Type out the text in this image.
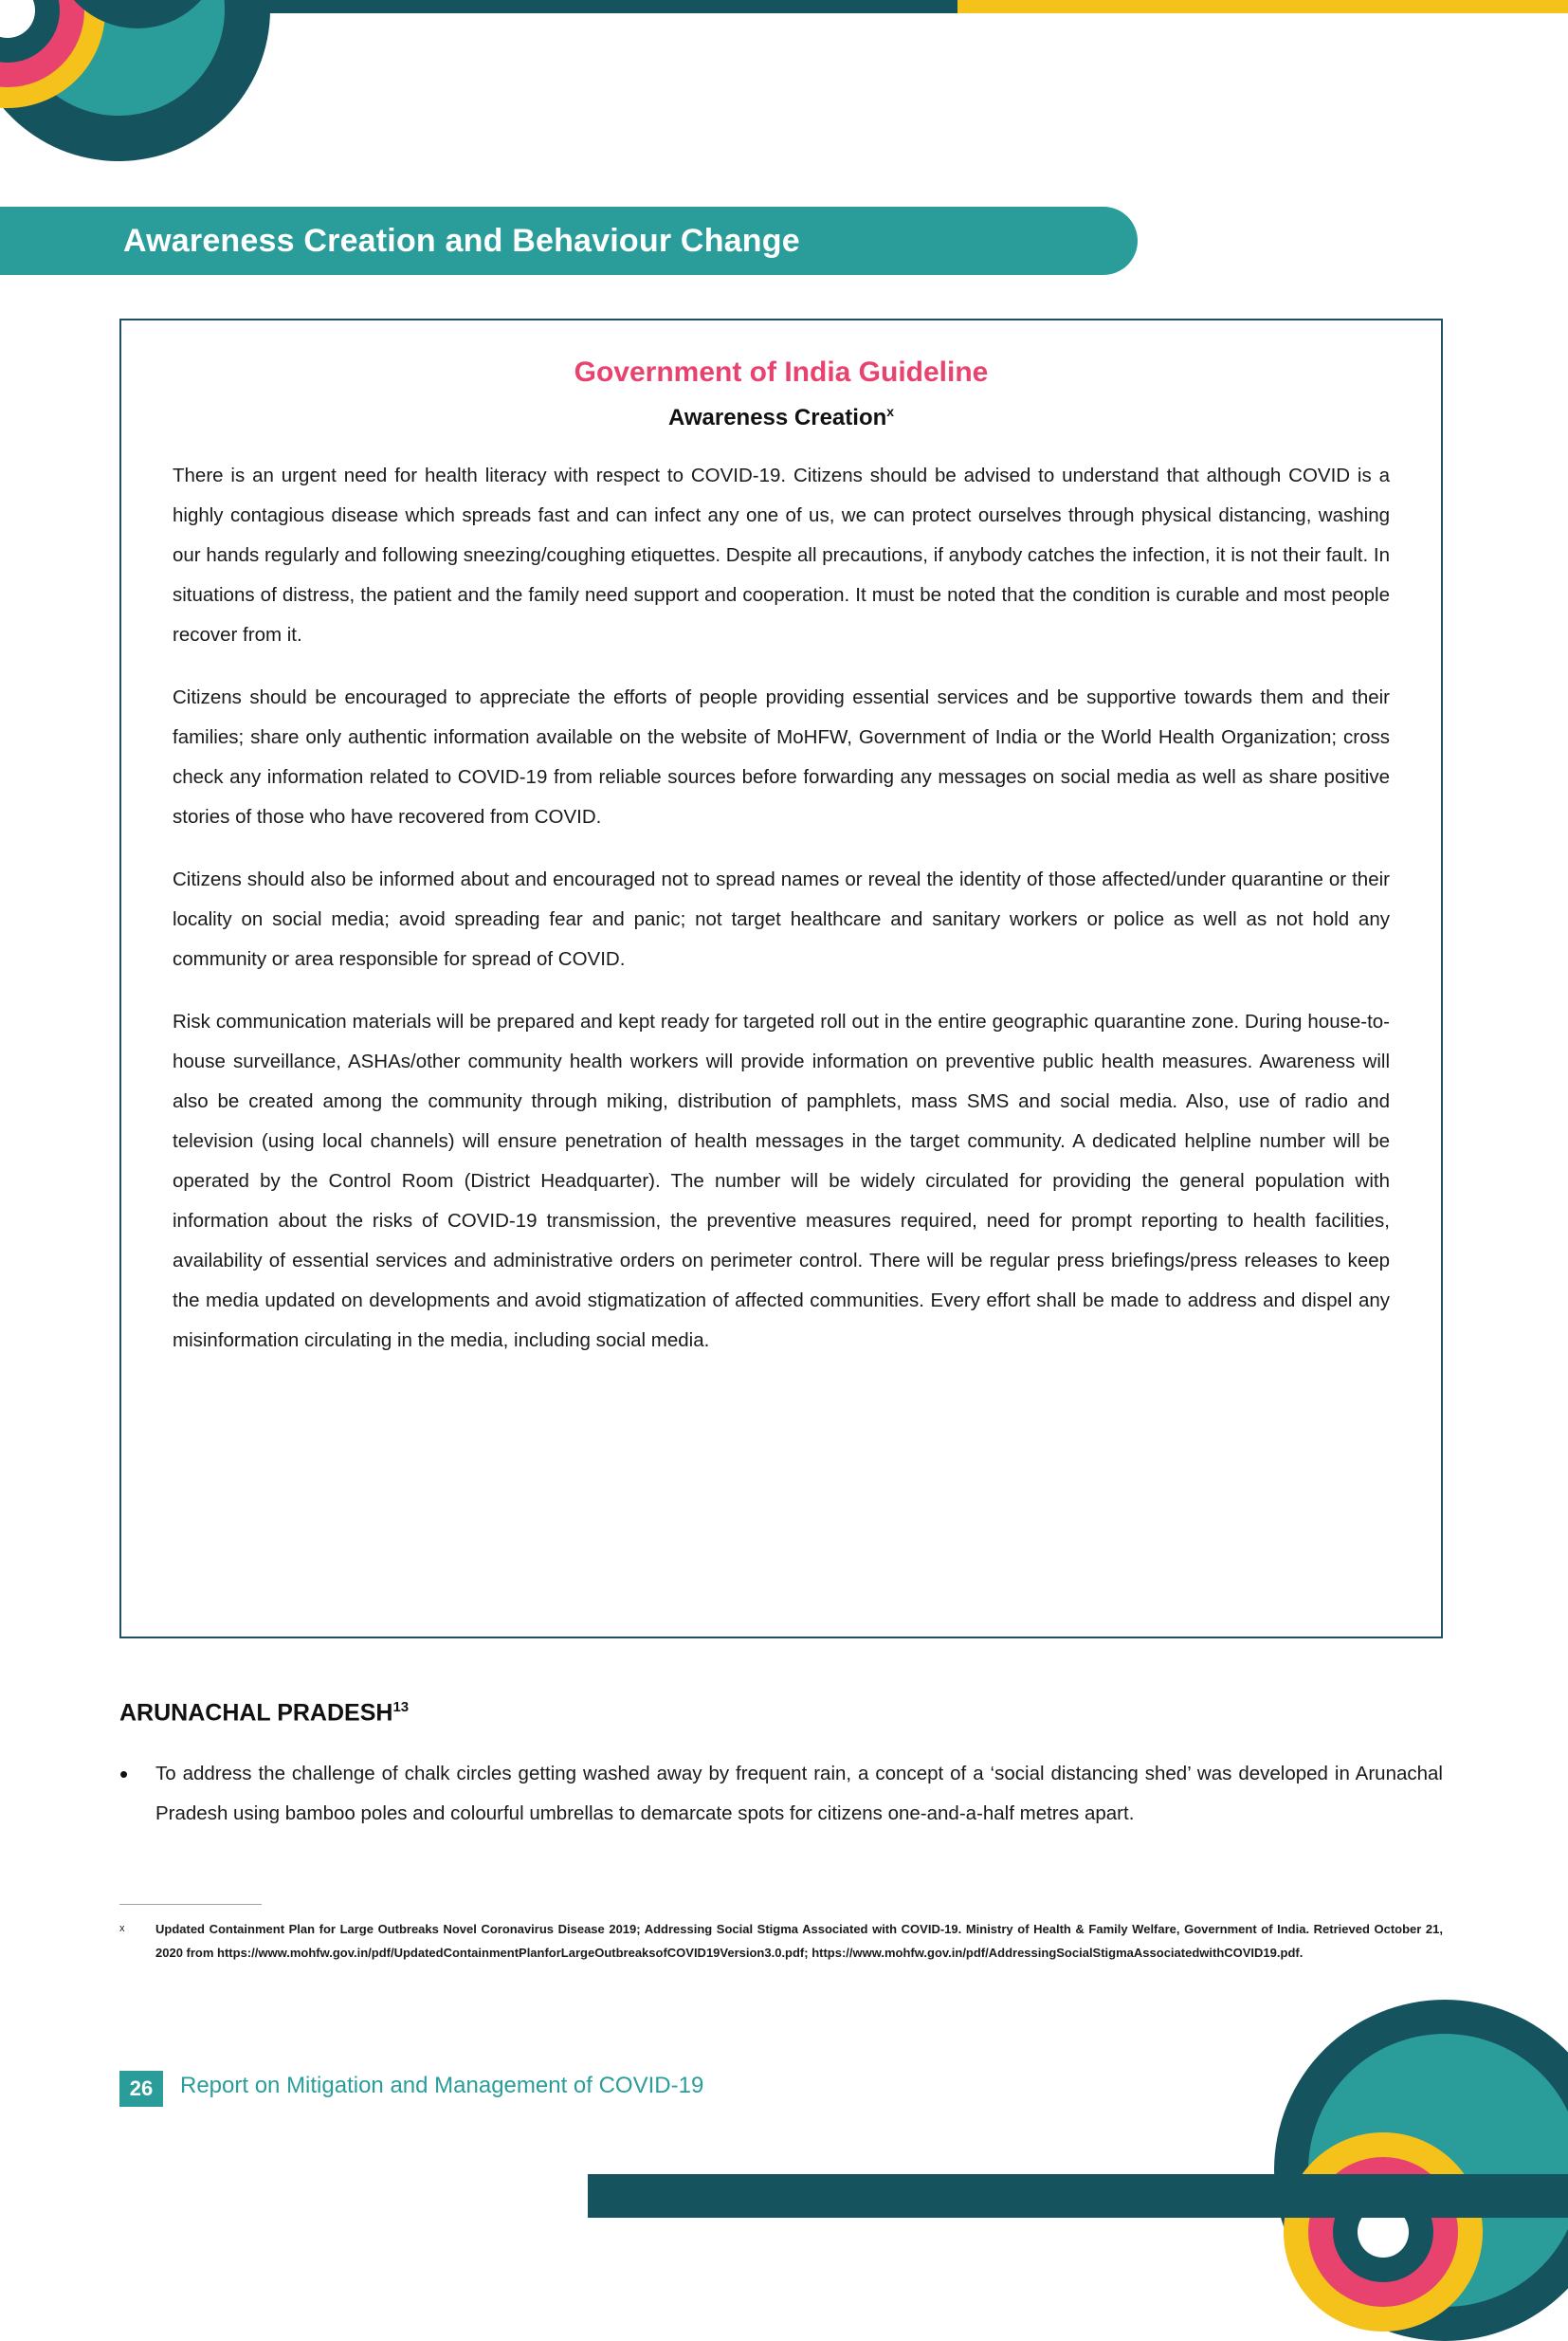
Awareness Creation and Behaviour Change
Government of India Guideline
Awareness Creation$^x$

There is an urgent need for health literacy with respect to COVID-19. Citizens should be advised to understand that although COVID is a highly contagious disease which spreads fast and can infect any one of us, we can protect ourselves through physical distancing, washing our hands regularly and following sneezing/coughing etiquettes. Despite all precautions, if anybody catches the infection, it is not their fault. In situations of distress, the patient and the family need support and cooperation. It must be noted that the condition is curable and most people recover from it.

Citizens should be encouraged to appreciate the efforts of people providing essential services and be supportive towards them and their families; share only authentic information available on the website of MoHFW, Government of India or the World Health Organization; cross check any information related to COVID-19 from reliable sources before forwarding any messages on social media as well as share positive stories of those who have recovered from COVID.

Citizens should also be informed about and encouraged not to spread names or reveal the identity of those affected/under quarantine or their locality on social media; avoid spreading fear and panic; not target healthcare and sanitary workers or police as well as not hold any community or area responsible for spread of COVID.

Risk communication materials will be prepared and kept ready for targeted roll out in the entire geographic quarantine zone. During house-to-house surveillance, ASHAs/other community health workers will provide information on preventive public health measures. Awareness will also be created among the community through miking, distribution of pamphlets, mass SMS and social media. Also, use of radio and television (using local channels) will ensure penetration of health messages in the target community. A dedicated helpline number will be operated by the Control Room (District Headquarter). The number will be widely circulated for providing the general population with information about the risks of COVID-19 transmission, the preventive measures required, need for prompt reporting to health facilities, availability of essential services and administrative orders on perimeter control. There will be regular press briefings/press releases to keep the media updated on developments and avoid stigmatization of affected communities. Every effort shall be made to address and dispel any misinformation circulating in the media, including social media.

ARUNACHAL PRADESH$^{13}$
•	To address the challenge of chalk circles getting washed away by frequent rain, a concept of a ‘social distancing shed’ was developed in Arunachal Pradesh using bamboo poles and colourful umbrellas to demarcate spots for citizens one-and-a-half metres apart.
x	Updated Containment Plan for Large Outbreaks Novel Coronavirus Disease 2019; Addressing Social Stigma Associated with COVID-19. Ministry of Health & Family Welfare, Government of India. Retrieved October 21, 2020 from https://www.mohfw.gov.in/pdf/UpdatedContainmentPlanforLargeOutbreaksofCOVID19Version3.0.pdf; https://www.mohfw.gov.in/pdf/AddressingSocialStigmaAssociatedwithCOVID19.pdf.
26	Report on Mitigation and Management of COVID-19
